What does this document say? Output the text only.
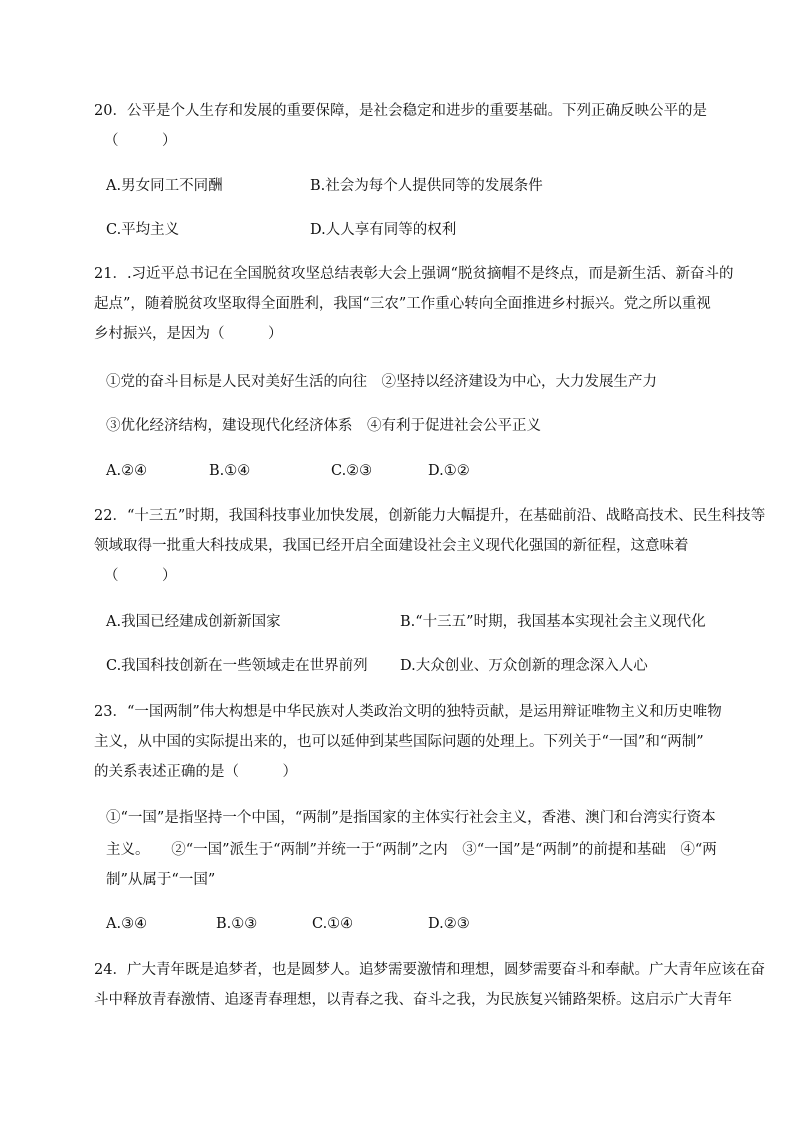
20．公平是个人生存和发展的重要保障，是社会稳定和进步的重要基础。下列正确反映公平的是
（　　　）
A.男女同工不同酬	B.社会为每个人提供同等的发展条件
C.平均主义	D.人人享有同等的权利
21．.习近平总书记在全国脱贫攻坚总结表彰大会上强调“脱贫摘帽不是终点，而是新生活、新奋斗的
起点”，随着脱贫攻坚取得全面胜利，我国“三农”工作重心转向全面推进乡村振兴。党之所以重视
乡村振兴，是因为（　　　）
①党的奋斗目标是人民对美好生活的向往　②坚持以经济建设为中心，大力发展生产力
③优化经济结构，建设现代化经济体系　④有利于促进社会公平正义
A.②④	B.①④	C.②③	D.①②
22．“十三五”时期，我国科技事业加快发展，创新能力大幅提升，在基础前沿、战略高技术、民生科技等
领域取得一批重大科技成果，我国已经开启全面建设社会主义现代化强国的新征程，这意味着
（　　　）
A.我国已经建成创新新国家	B.“十三五”时期，我国基本实现社会主义现代化
C.我国科技创新在一些领域走在世界前列 D.大众创业、万众创新的理念深入人心
23．“一国两制”伟大构想是中华民族对人类政治文明的独特贡献，是运用辩证唯物主义和历史唯物
主义，从中国的实际提出来的，也可以延伸到某些国际问题的处理上。下列关于“一国”和“两制”
的关系表述正确的是（　　　）
①“一国”是指坚持一个中国，“两制”是指国家的主体实行社会主义，香港、澳门和台湾实行资本
主义。　　②“一国”派生于“两制”并统一于“两制”之内　③“一国”是“两制”的前提和基础　④“两
制”从属于“一国”
A.③④	B.①③	C.①④	D.②③
24．广大青年既是追梦者，也是圆梦人。追梦需要激情和理想，圆梦需要奋斗和奉献。广大青年应该在奋
斗中释放青春激情、追逐青春理想，以青春之我、奋斗之我，为民族复兴铺路架桥。这启示广大青年
